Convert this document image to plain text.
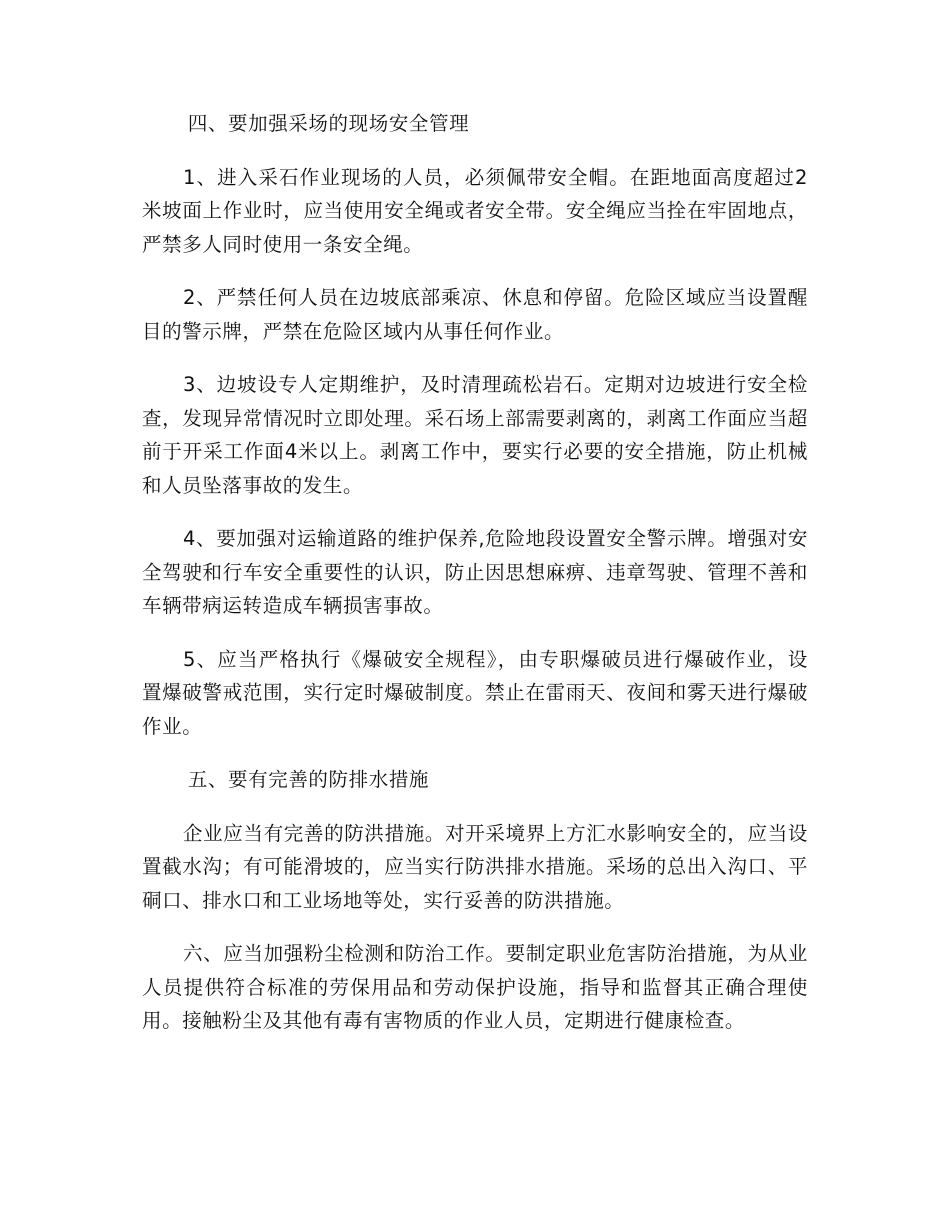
四、要加强采场的现场安全管理

1、进入采石作业现场的人员，必须佩带安全帽。在距地面高度超过2米坡面上作业时，应当使用安全绳或者安全带。安全绳应当拴在牢固地点，严禁多人同时使用一条安全绳。

2、严禁任何人员在边坡底部乘凉、休息和停留。危险区域应当设置醒目的警示牌，严禁在危险区域内从事任何作业。

3、边坡设专人定期维护，及时清理疏松岩石。定期对边坡进行安全检查，发现异常情况时立即处理。采石场上部需要剥离的，剥离工作面应当超前于开采工作面4米以上。剥离工作中，要实行必要的安全措施，防止机械和人员坠落事故的发生。

4、要加强对运输道路的维护保养,危险地段设置安全警示牌。增强对安全驾驶和行车安全重要性的认识，防止因思想麻痹、违章驾驶、管理不善和车辆带病运转造成车辆损害事故。

5、应当严格执行《爆破安全规程》，由专职爆破员进行爆破作业，设置爆破警戒范围，实行定时爆破制度。禁止在雷雨天、夜间和雾天进行爆破作业。

五、要有完善的防排水措施

企业应当有完善的防洪措施。对开采境界上方汇水影响安全的，应当设置截水沟；有可能滑坡的，应当实行防洪排水措施。采场的总出入沟口、平硐口、排水口和工业场地等处，实行妥善的防洪措施。

六、应当加强粉尘检测和防治工作。要制定职业危害防治措施，为从业人员提供符合标准的劳保用品和劳动保护设施，指导和监督其正确合理使用。接触粉尘及其他有毒有害物质的作业人员，定期进行健康检查。
